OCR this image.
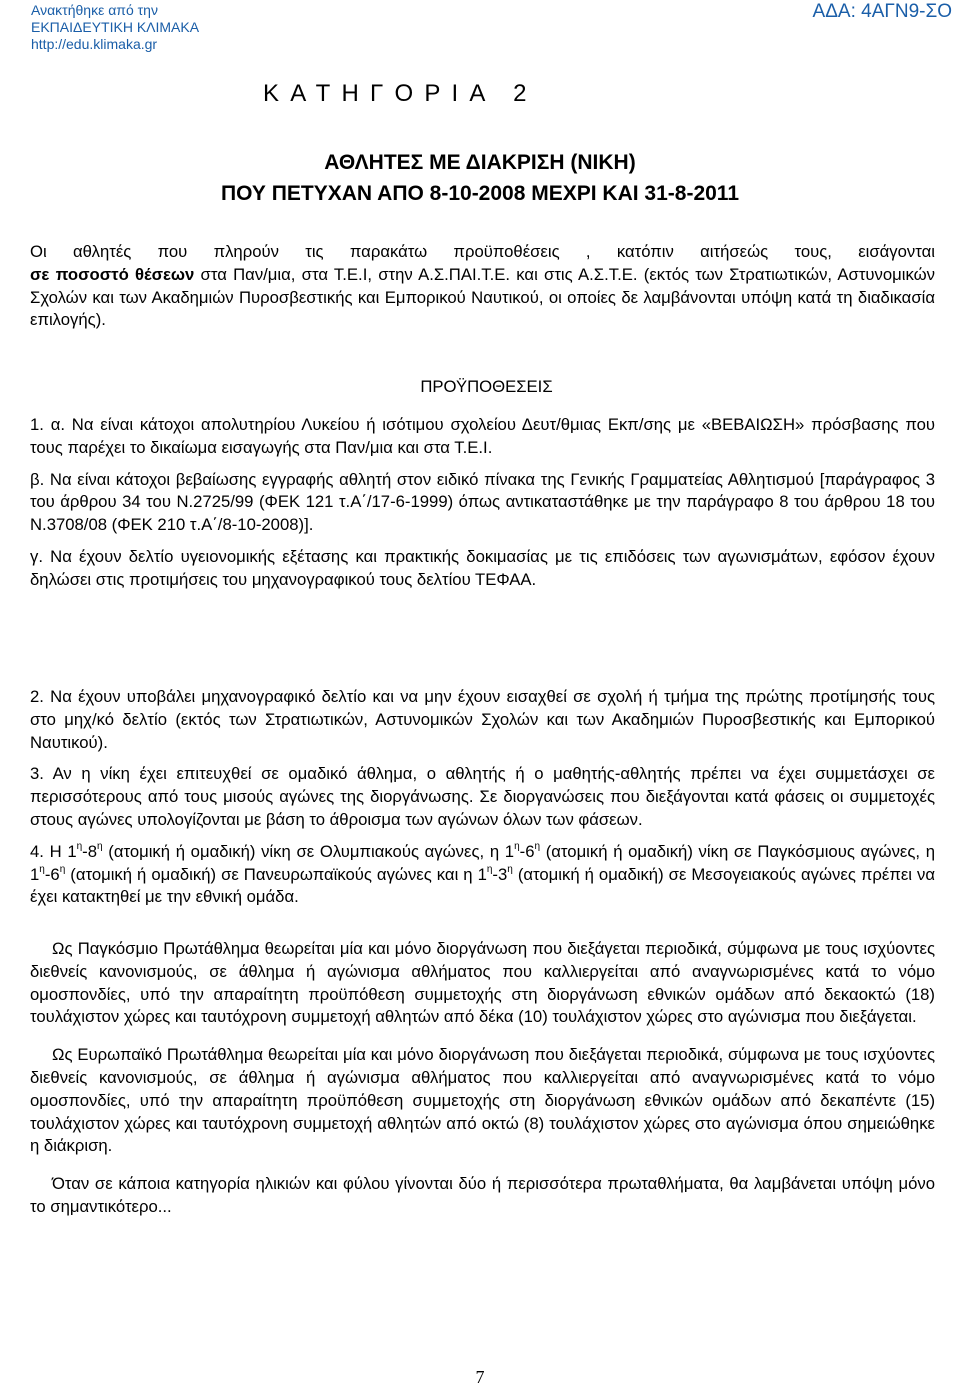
Ανακτήθηκε από την
ΕΚΠΑΙΔΕΥΤΙΚΗ ΚΛΙΜΑΚΑ
http://edu.klimaka.gr
ΑΔΑ: 4ΑΓΝ9-ΣΟ
ΚΑΤΗΓΟΡΙΑ 2
ΑΘΛΗΤΕΣ ΜΕ ΔΙΑΚΡΙΣΗ (ΝΙΚΗ)
ΠΟΥ ΠΕΤΥΧΑΝ ΑΠΟ 8-10-2008 ΜΕΧΡΙ ΚΑΙ 31-8-2011
Οι αθλητές που πληρούν τις παρακάτω προϋποθέσεις , κατόπιν αιτήσεώς τους, εισάγονται
σε ποσοστό θέσεων στα Παν/μια, στα Τ.Ε.Ι, στην Α.Σ.ΠΑΙ.Τ.Ε. και στις Α.Σ.Τ.Ε. (εκτός των Στρατιωτικών, Αστυνομικών Σχολών και των Ακαδημιών Πυροσβεστικής και Εμπορικού Ναυτικού, οι οποίες δε λαμβάνονται υπόψη κατά τη διαδικασία επιλογής).
ΠΡΟΫΠΟΘΕΣΕΙΣ
1. α. Να είναι κάτοχοι απολυτηρίου Λυκείου ή ισότιμου σχολείου Δευτ/θμιας Εκπ/σης με «ΒΕΒΑΙΩΣΗ» πρόσβασης που τους παρέχει το δικαίωμα εισαγωγής στα Παν/μια και στα Τ.Ε.Ι.
β. Να είναι κάτοχοι βεβαίωσης εγγραφής αθλητή στον ειδικό πίνακα της Γενικής Γραμματείας Αθλητισμού [παράγραφος 3 του άρθρου 34 του Ν.2725/99 (ΦΕΚ 121 τ.Α΄/17-6-1999) όπως αντικαταστάθηκε με την παράγραφο 8 του άρθρου 18 του Ν.3708/08 (ΦΕΚ 210 τ.Α΄/8-10-2008)].
γ. Να έχουν δελτίο υγειονομικής εξέτασης και πρακτικής δοκιμασίας με τις επιδόσεις των αγωνισμάτων, εφόσον έχουν δηλώσει στις προτιμήσεις του μηχανογραφικού τους δελτίου ΤΕΦΑΑ.
2. Να έχουν υποβάλει μηχανογραφικό δελτίο και να μην έχουν εισαχθεί σε σχολή ή τμήμα της πρώτης προτίμησής τους στο μηχ/κό δελτίο (εκτός των Στρατιωτικών, Αστυνομικών Σχολών και των Ακαδημιών Πυροσβεστικής και Εμπορικού Ναυτικού).
3. Αν η νίκη έχει επιτευχθεί σε ομαδικό άθλημα, ο αθλητής ή ο μαθητής-αθλητής πρέπει να έχει συμμετάσχει σε περισσότερους από τους μισούς αγώνες της διοργάνωσης. Σε διοργανώσεις που διεξάγονται κατά φάσεις οι συμμετοχές στους αγώνες υπολογίζονται με βάση το άθροισμα των αγώνων όλων των φάσεων.
4. Η $1^\eta-8^\eta$ (ατομική ή ομαδική) νίκη σε Ολυμπιακούς αγώνες, η $1^\eta-6^\eta$ (ατομική ή ομαδική) νίκη σε Παγκόσμιους αγώνες, η $1^\eta-6^\eta$ (ατομική ή ομαδική) σε Πανευρωπαϊκούς αγώνες και η $1^\eta-3^\eta$ (ατομική ή ομαδική) σε Μεσογειακούς αγώνες πρέπει να έχει κατακτηθεί με την εθνική ομάδα.
Ως Παγκόσμιο Πρωτάθλημα θεωρείται μία και μόνο διοργάνωση που διεξάγεται περιοδικά, σύμφωνα με τους ισχύοντες διεθνείς κανονισμούς, σε άθλημα ή αγώνισμα αθλήματος που καλλιεργείται από αναγνωρισμένες κατά το νόμο ομοσπονδίες, υπό την απαραίτητη προϋπόθεση συμμετοχής στη διοργάνωση εθνικών ομάδων από δεκαοκτώ (18) τουλάχιστον χώρες και ταυτόχρονη συμμετοχή αθλητών από δέκα (10) τουλάχιστον χώρες στο αγώνισμα που διεξάγεται.
Ως Ευρωπαϊκό Πρωτάθλημα θεωρείται μία και μόνο διοργάνωση που διεξάγεται περιοδικά, σύμφωνα με τους ισχύοντες διεθνείς κανονισμούς, σε άθλημα ή αγώνισμα αθλήματος που καλλιεργείται από αναγνωρισμένες κατά το νόμο ομοσπονδίες, υπό την απαραίτητη προϋπόθεση συμμετοχής στη διοργάνωση εθνικών ομάδων από δεκαπέντε (15) τουλάχιστον χώρες και ταυτόχρονη συμμετοχή αθλητών από οκτώ (8) τουλάχιστον χώρες στο αγώνισμα όπου σημειώθηκε η διάκριση.
Όταν σε κάποια κατηγορία ηλικιών και φύλου γίνονται δύο ή περισσότερα πρωταθλήματα, θα λαμβάνεται υπόψη μόνο το σημαντικότερο...
7
